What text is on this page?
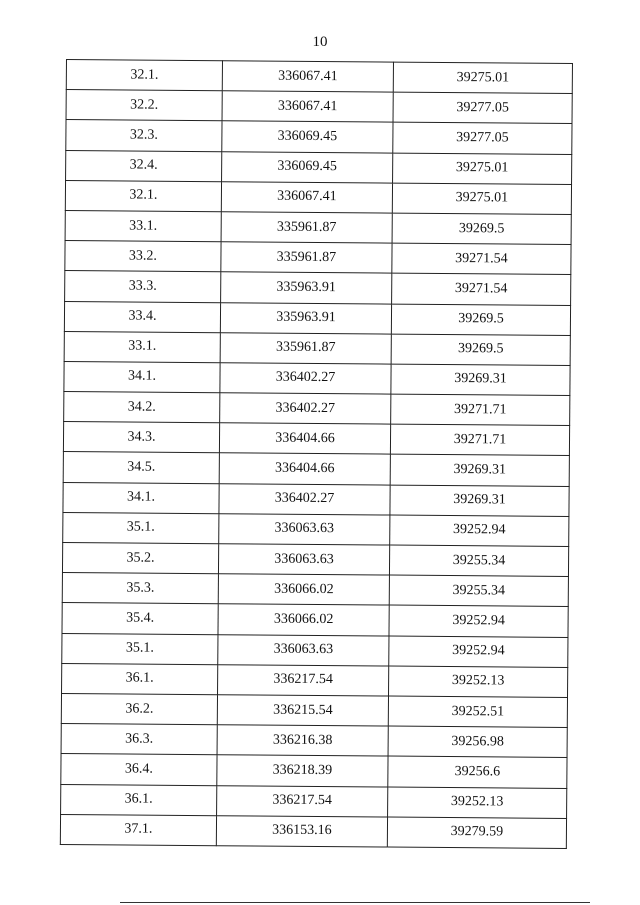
10
32.1.	336067.41	39275.01
32.2.	336067.41	39277.05
32.3.	336069.45	39277.05
32.4.	336069.45	39275.01
32.1.	336067.41	39275.01
33.1.	335961.87	39269.5
33.2.	335961.87	39271.54
33.3.	335963.91	39271.54
33.4.	335963.91	39269.5
33.1.	335961.87	39269.5
34.1.	336402.27	39269.31
34.2.	336402.27	39271.71
34.3.	336404.66	39271.71
34.5.	336404.66	39269.31
34.1.	336402.27	39269.31
35.1.	336063.63	39252.94
35.2.	336063.63	39255.34
35.3.	336066.02	39255.34
35.4.	336066.02	39252.94
35.1.	336063.63	39252.94
36.1.	336217.54	39252.13
36.2.	336215.54	39252.51
36.3.	336216.38	39256.98
36.4.	336218.39	39256.6
36.1.	336217.54	39252.13
37.1.	336153.16	39279.59
